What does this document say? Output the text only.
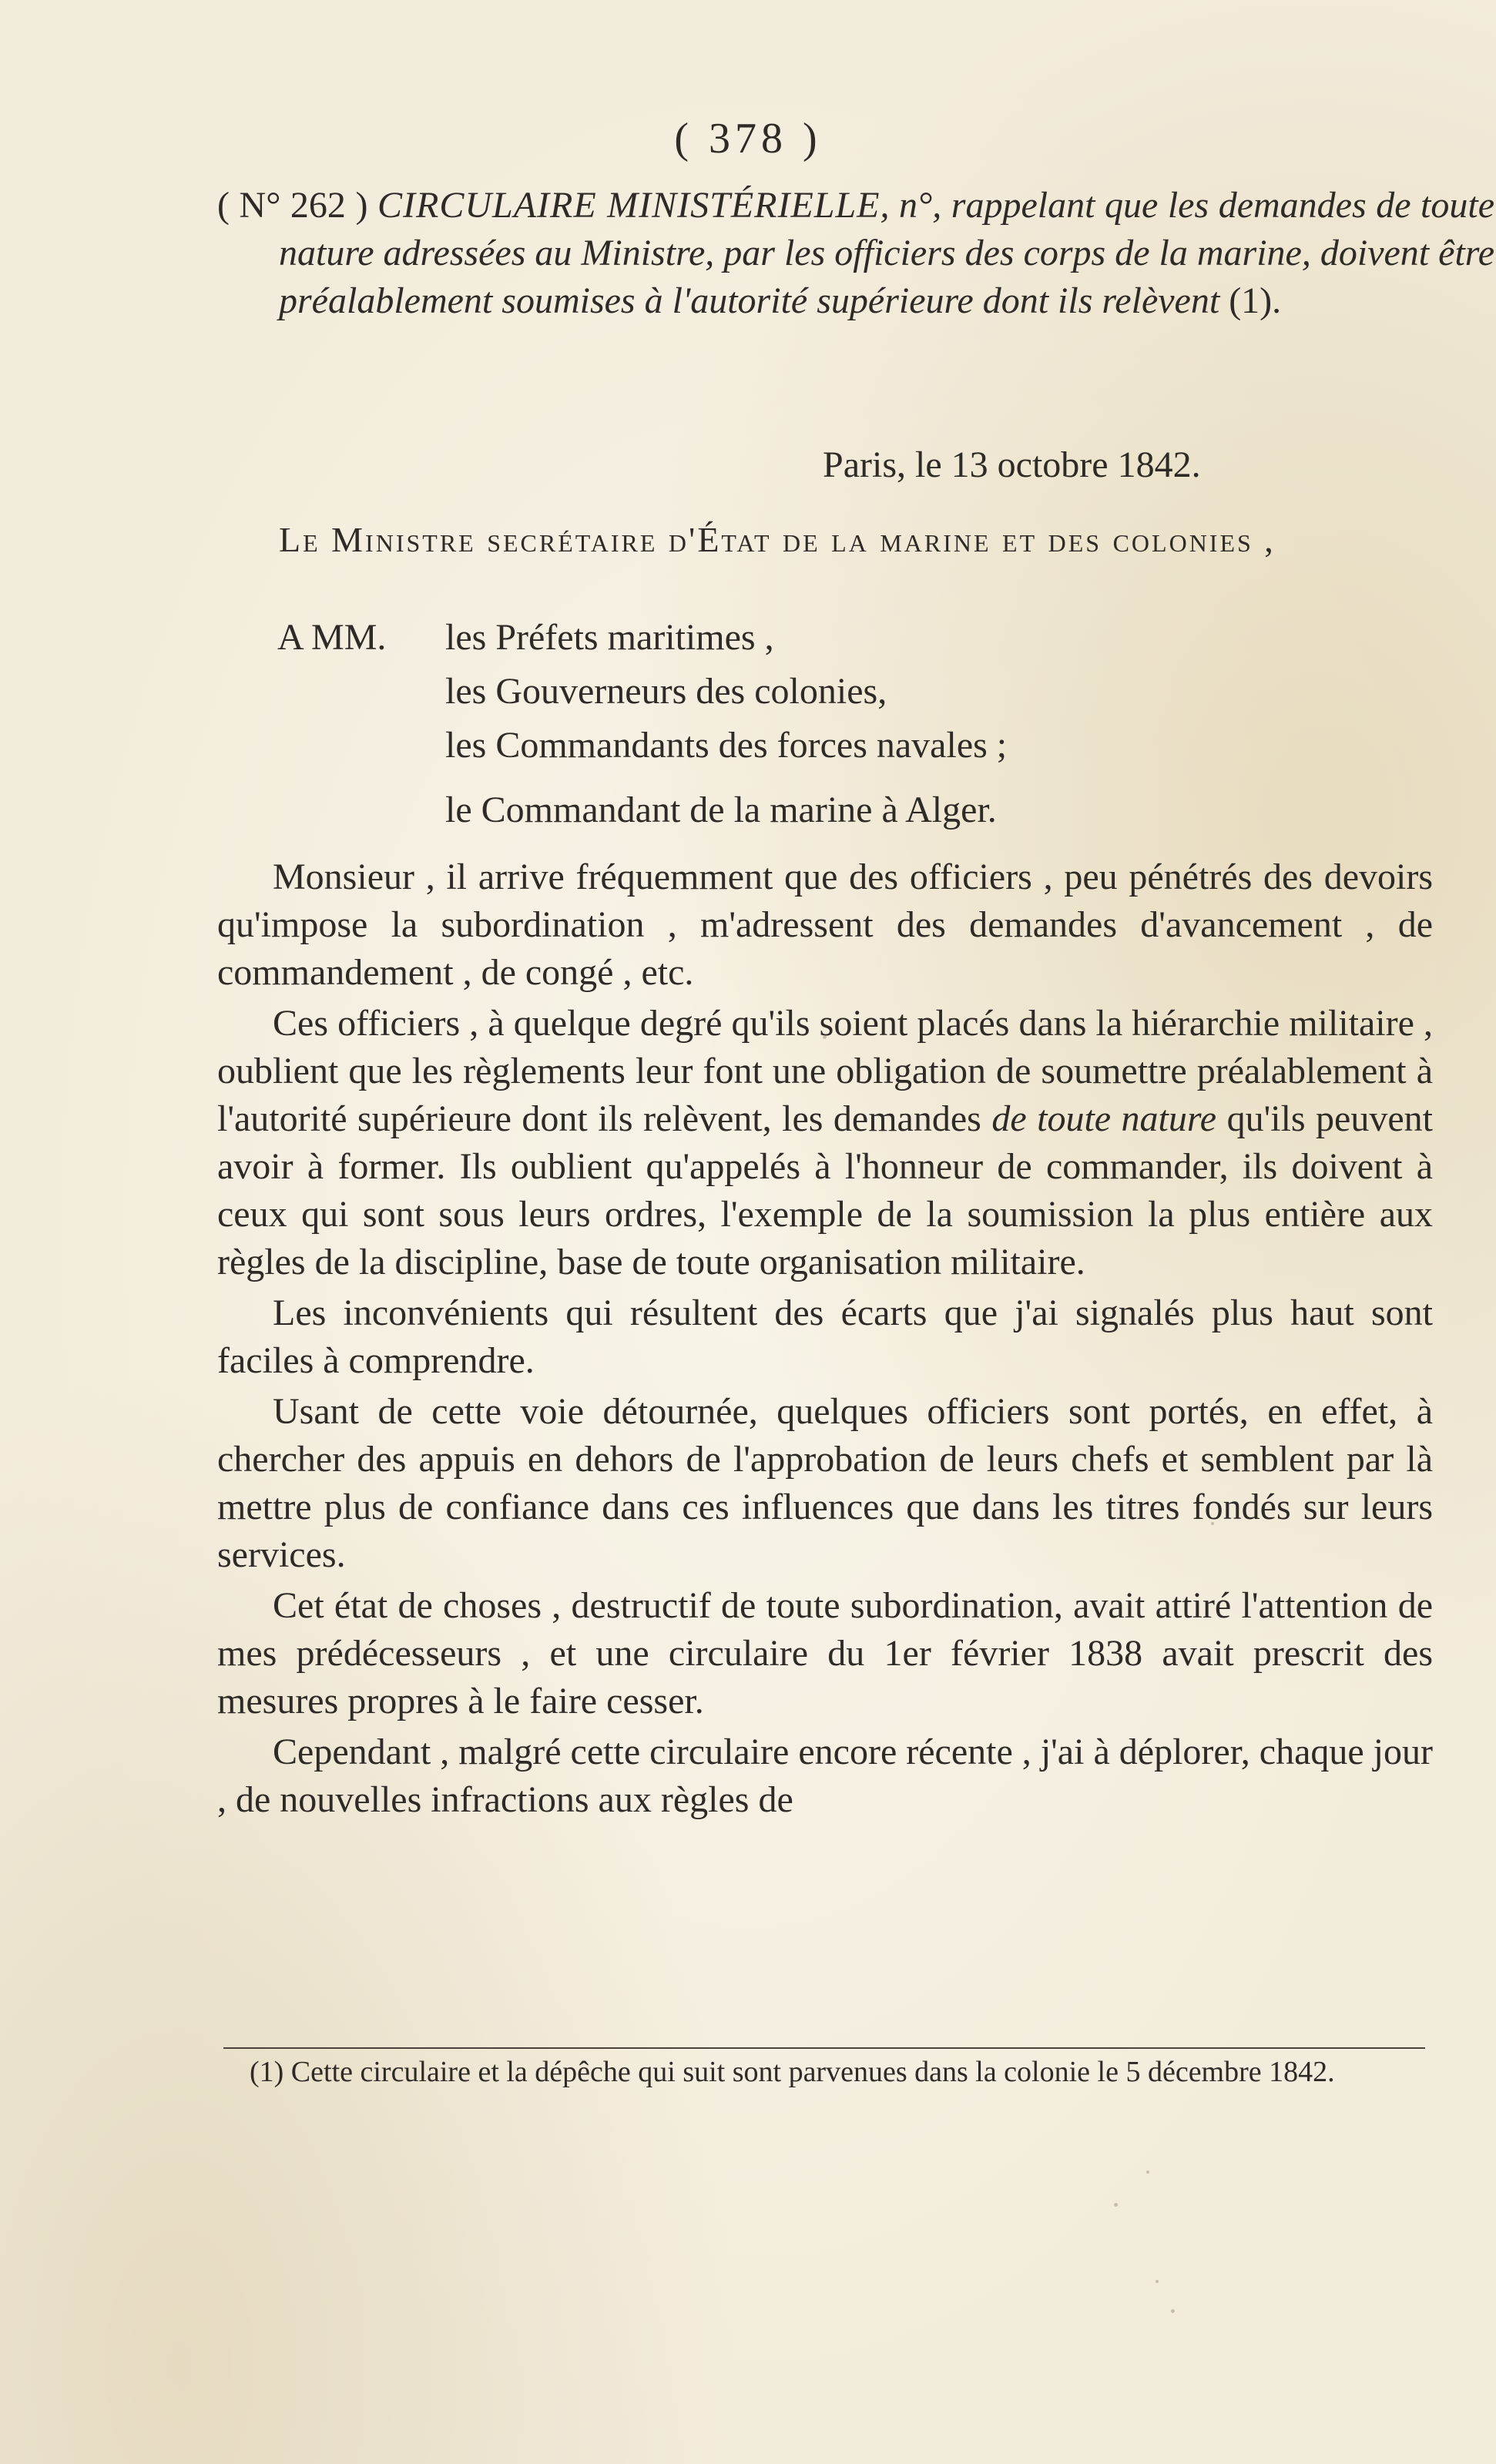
( 378 )
( N° 262 ) CIRCULAIRE MINISTÉRIELLE, n°, rappelant que les demandes de toute nature adressées au Ministre, par les officiers des corps de la marine, doivent être préalablement soumises à l'autorité supérieure dont ils relèvent (1).
Paris, le 13 octobre 1842.
Le Ministre secrétaire d'État de la marine et des colonies ,
A MM. les Préfets maritimes ,
les Gouverneurs des colonies,
les Commandants des forces navales ;
le Commandant de la marine à Alger.

Monsieur , il arrive fréquemment que des officiers , peu pénétrés des devoirs qu'impose la subordination , m'adressent des demandes d'avancement , de commandement , de congé , etc.

Ces officiers , à quelque degré qu'ils soient placés dans la hiérarchie militaire , oublient que les règlements leur font une obligation de soumettre préalablement à l'autorité supérieure dont ils relèvent, les demandes de toute nature qu'ils peuvent avoir à former. Ils oublient qu'appelés à l'honneur de commander, ils doivent à ceux qui sont sous leurs ordres, l'exemple de la soumission la plus entière aux règles de la discipline, base de toute organisation militaire.

Les inconvénients qui résultent des écarts que j'ai signalés plus haut sont faciles à comprendre.

Usant de cette voie détournée, quelques officiers sont portés, en effet, à chercher des appuis en dehors de l'approbation de leurs chefs et semblent par là mettre plus de confiance dans ces influences que dans les titres fondés sur leurs services.

Cet état de choses , destructif de toute subordination, avait attiré l'attention de mes prédécesseurs , et une circulaire du 1er février 1838 avait prescrit des mesures propres à le faire cesser.

Cependant , malgré cette circulaire encore récente , j'ai à déplorer, chaque jour , de nouvelles infractions aux règles de

(1) Cette circulaire et la dépêche qui suit sont parvenues dans la colonie le 5 décembre 1842.
